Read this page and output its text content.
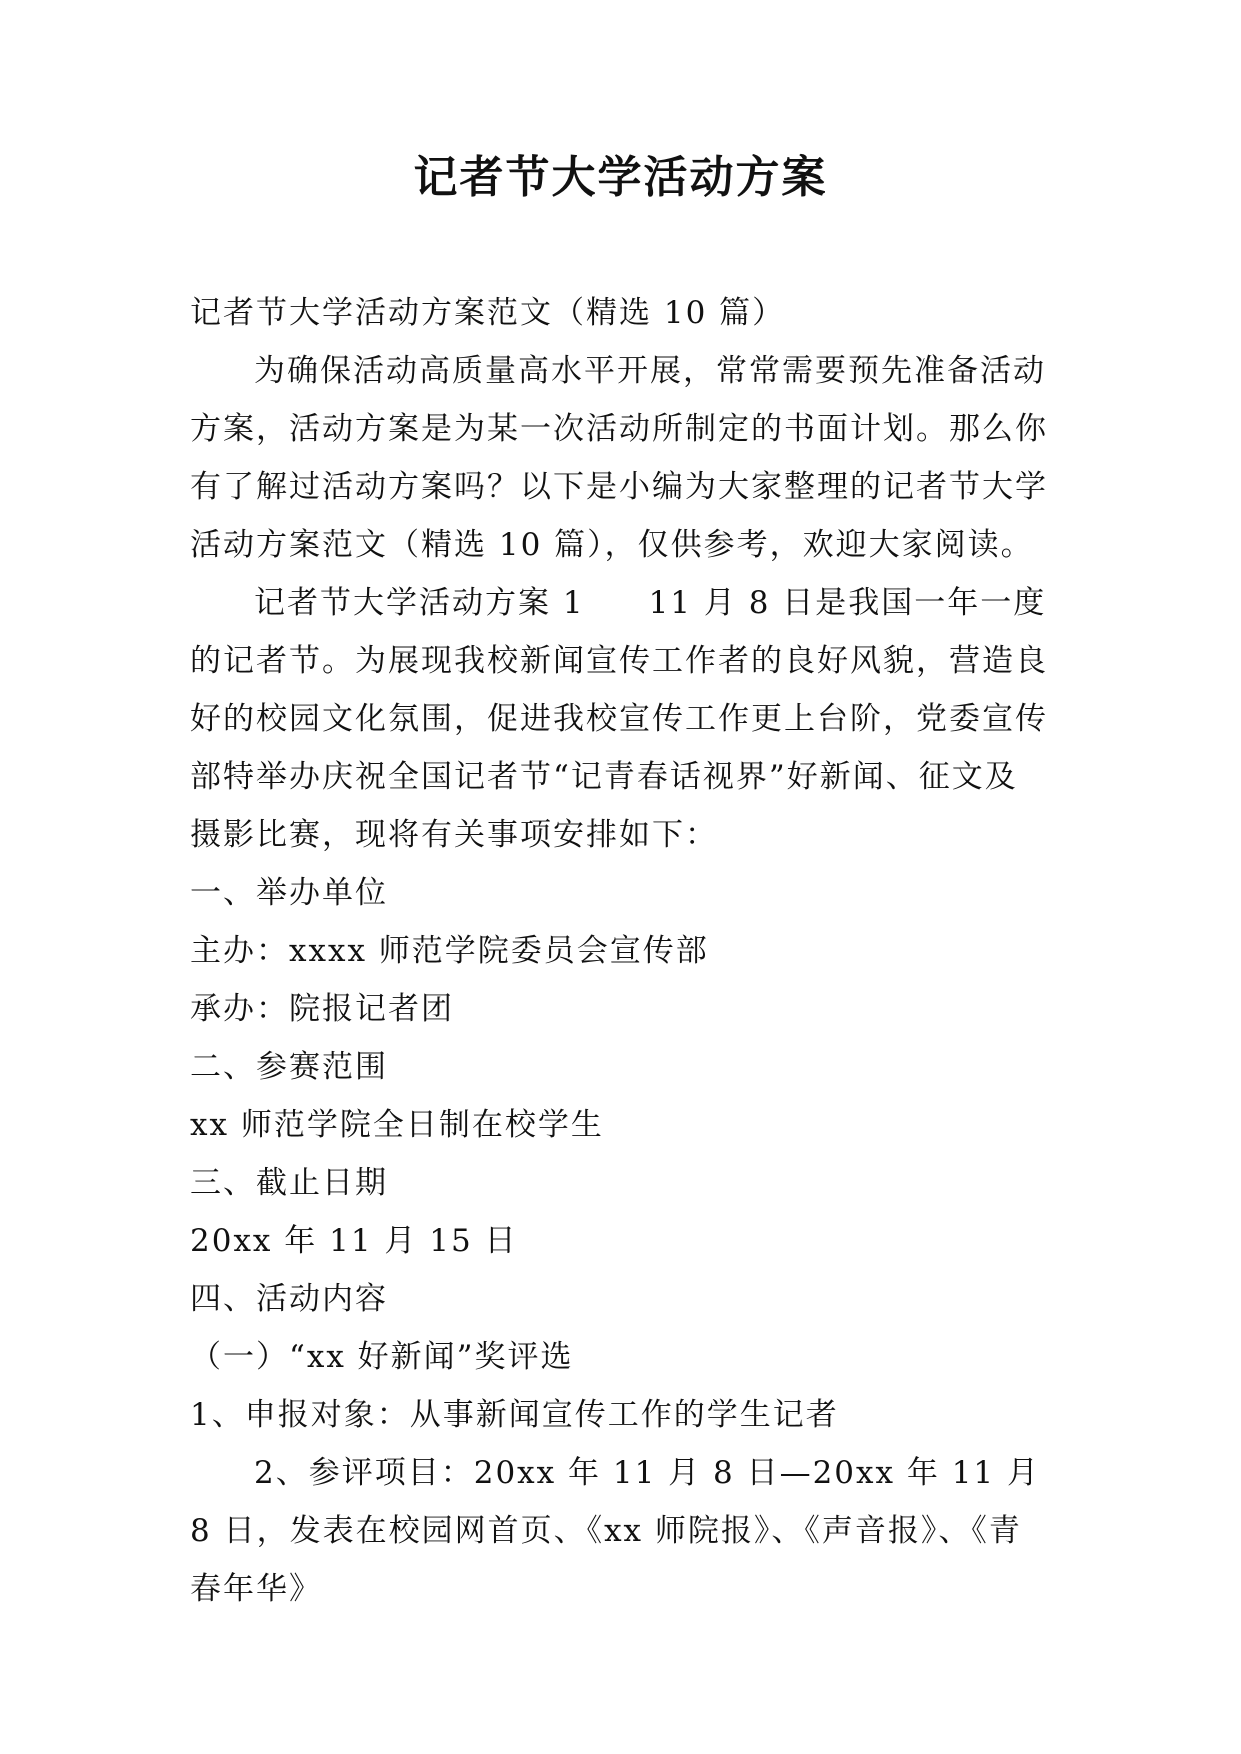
记者节大学活动方案

记者节大学活动方案范文（精选 10 篇）

为确保活动高质量高水平开展，常常需要预先准备活动方案，活动方案是为某一次活动所制定的书面计划。那么你有了解过活动方案吗？以下是小编为大家整理的记者节大学活动方案范文（精选 10 篇），仅供参考，欢迎大家阅读。

记者节大学活动方案 1 11 月 8 日是我国一年一度的记者节。为展现我校新闻宣传工作者的良好风貌，营造良好的校园文化氛围，促进我校宣传工作更上台阶，党委宣传部特举办庆祝全国记者节“记青春话视界”好新闻、征文及摄影比赛，现将有关事项安排如下：

一、举办单位

主办：xxxx 师范学院委员会宣传部

承办：院报记者团

二、参赛范围

xx 师范学院全日制在校学生

三、截止日期

20xx 年 11 月 15 日

四、活动内容

（一）“xx 好新闻”奖评选

1、申报对象：从事新闻宣传工作的学生记者

2、参评项目：20xx 年 11 月 8 日—20xx 年 11 月 8 日，发表在校园网首页、《xx 师院报》、《声音报》、《青春年华》
